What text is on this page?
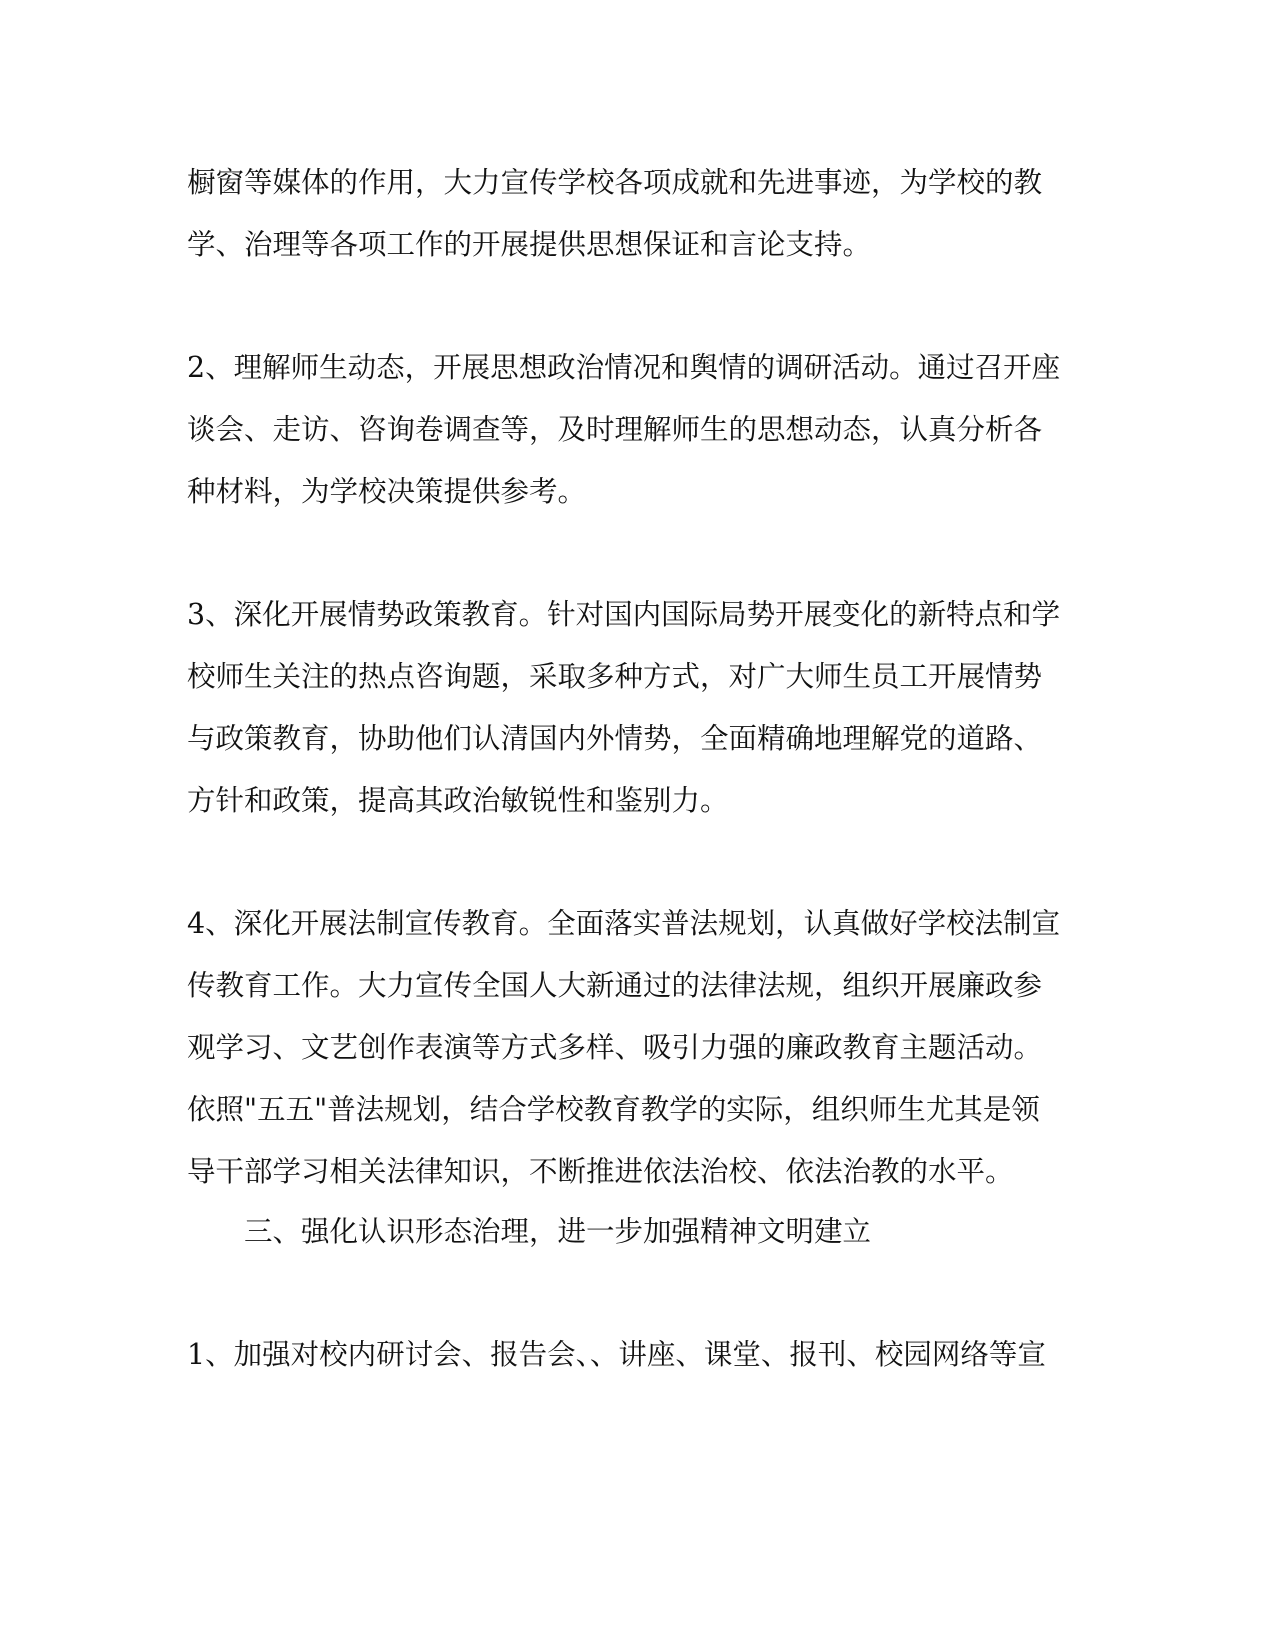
橱窗等媒体的作用，大力宣传学校各项成就和先进事迹，为学校的教
学、治理等各项工作的开展提供思想保证和言论支持。
2、理解师生动态，开展思想政治情况和舆情的调研活动。通过召开座
谈会、走访、咨询卷调查等，及时理解师生的思想动态，认真分析各
种材料，为学校决策提供参考。
3、深化开展情势政策教育。针对国内国际局势开展变化的新特点和学
校师生关注的热点咨询题，采取多种方式，对广大师生员工开展情势
与政策教育，协助他们认清国内外情势，全面精确地理解党的道路、
方针和政策，提高其政治敏锐性和鉴别力。
4、深化开展法制宣传教育。全面落实普法规划，认真做好学校法制宣
传教育工作。大力宣传全国人大新通过的法律法规，组织开展廉政参
观学习、文艺创作表演等方式多样、吸引力强的廉政教育主题活动。
依照"五五"普法规划，结合学校教育教学的实际，组织师生尤其是领
导干部学习相关法律知识，不断推进依法治校、依法治教的水平。
三、强化认识形态治理，进一步加强精神文明建立
1、加强对校内研讨会、报告会、、讲座、课堂、报刊、校园网络等宣
